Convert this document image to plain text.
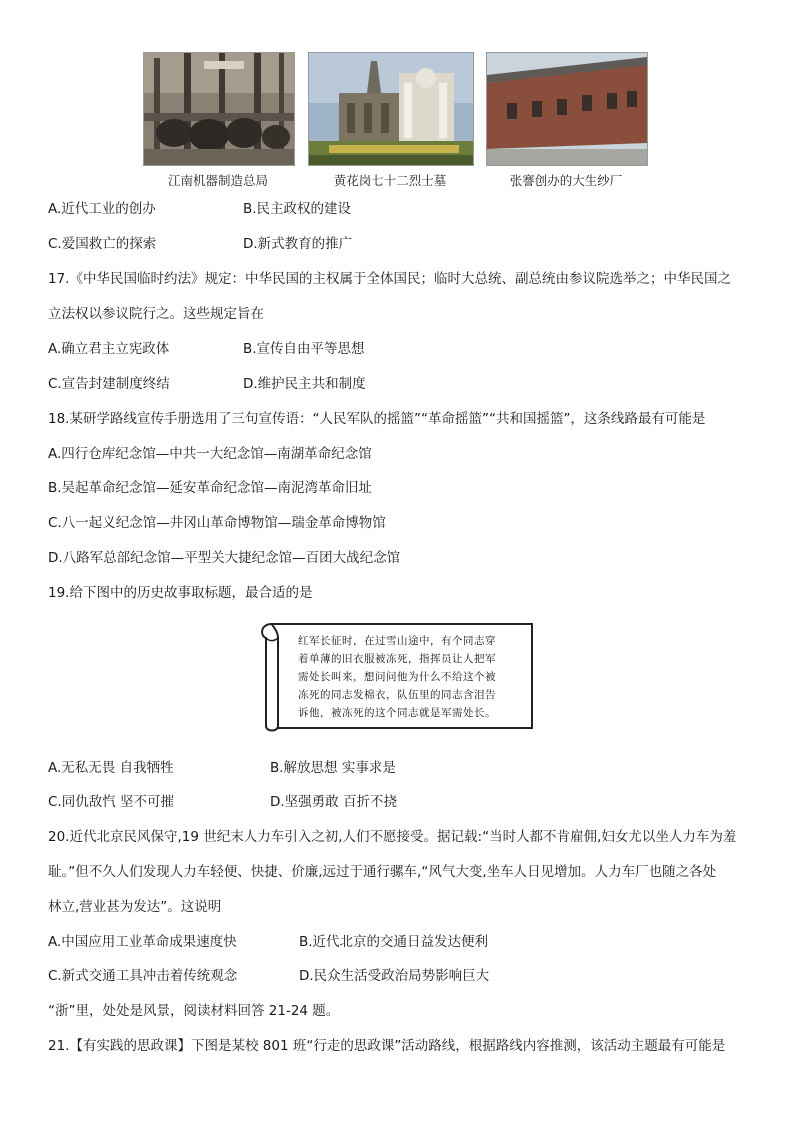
江南机器制造总局	黄花岗七十二烈士墓	张謇创办的大生纱厂
A.近代工业的创办	B.民主政权的建设
C.爱国救亡的探索	D.新式教育的推广
17.《中华民国临时约法》规定：中华民国的主权属于全体国民；临时大总统、副总统由参议院选举之；中华民国之
立法权以参议院行之。这些规定旨在
A.确立君主立宪政体	B.宣传自由平等思想
C.宣告封建制度终结	D.维护民主共和制度
18.某研学路线宣传手册选用了三句宣传语：“人民军队的摇篮”“革命摇篮”“共和国摇篮”，这条线路最有可能是
A.四行仓库纪念馆—中共一大纪念馆—南湖革命纪念馆
B.吴起革命纪念馆—延安革命纪念馆—南泥湾革命旧址
C.八一起义纪念馆—井冈山革命博物馆—瑞金革命博物馆
D.八路军总部纪念馆—平型关大捷纪念馆—百团大战纪念馆
19.给下图中的历史故事取标题，最合适的是
红军长征时，在过雪山途中，有个同志穿
着单薄的旧衣服被冻死，指挥员让人把军
需处长叫来，想问问他为什么不给这个被
冻死的同志发棉衣，队伍里的同志含泪告
诉他，被冻死的这个同志就是军需处长。
A.无私无畏 自我牺牲	B.解放思想 实事求是
C.同仇敌忾 坚不可摧	D.坚强勇敢 百折不挠
20.近代北京民风保守,19 世纪末人力车引入之初,人们不愿接受。据记载:“当时人都不肯雇佣,妇女尤以坐人力车为羞
耻。”但不久人们发现人力车轻便、快捷、价廉,远过于通行骡车,“风气大变,坐车人日见增加。人力车厂也随之各处
林立,营业甚为发达”。这说明
A.中国应用工业革命成果速度快	B.近代北京的交通日益发达便利
C.新式交通工具冲击着传统观念	D.民众生活受政治局势影响巨大
“浙”里，处处是风景，阅读材料回答 21-24 题。
21.【有实践的思政课】下图是某校 801 班“行走的思政课”活动路线，根据路线内容推测，该活动主题最有可能是
